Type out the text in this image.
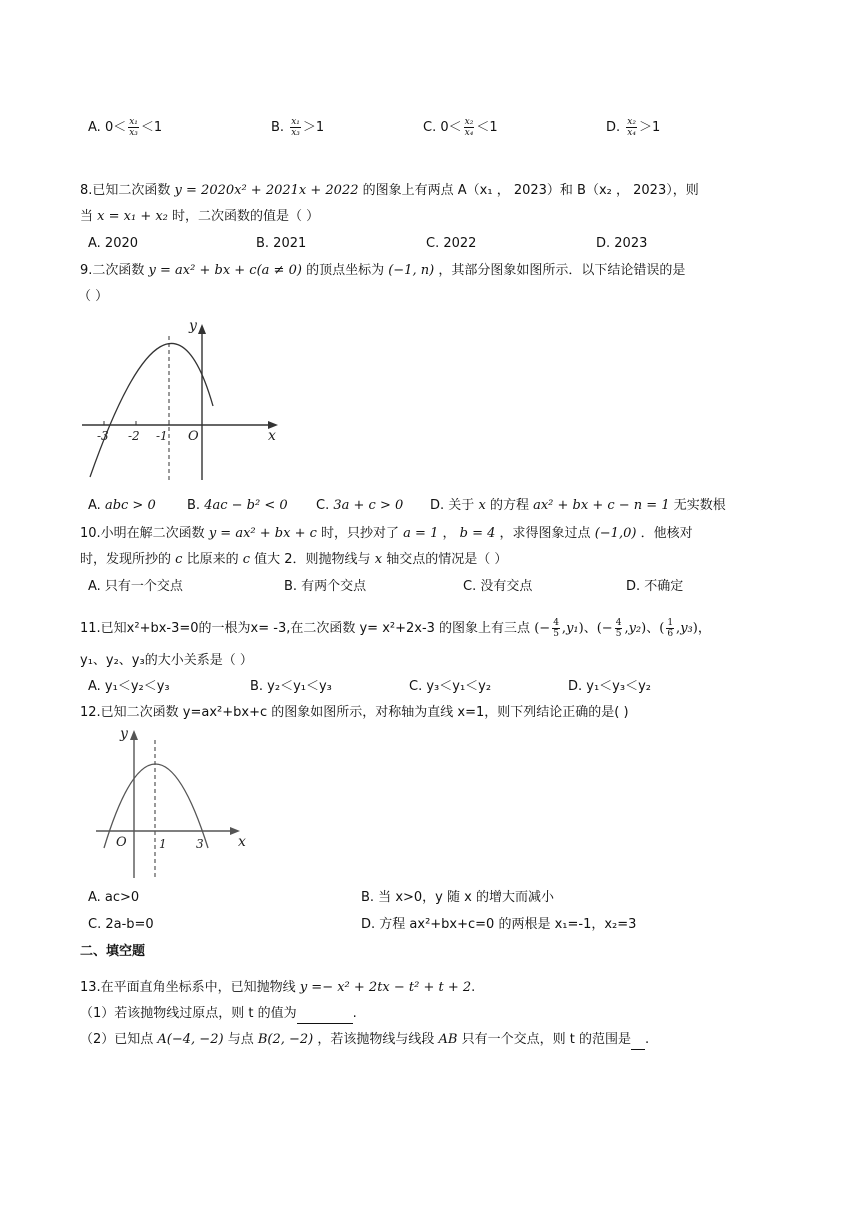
A. $0< \frac{\text{x₁}}{\text{x₃}} <1$	B. $\frac{\text{x₁}}{\text{x₃}} >1$	C. $0< \frac{\text{x₂}}{\text{x₄}} <1$	D. $\frac{\text{x₂}}{\text{x₄}} >1$
8.已知二次函数 y = 2020x² + 2021x + 2022 的图象上有两点 A（x₁ ， 2023）和 B（x₂ ， 2023），则
当 x = x₁ + x₂ 时，二次函数的值是（ ）
A. 2020	B. 2021	C. 2022	D. 2023
9.二次函数 y = ax² + bx + c(a ≠ 0) 的顶点坐标为 (−1, n) ，其部分图象如图所示．以下结论错误的是
（ ）
-3 -2 -1 O	x
y
A. abc > 0 B. 4ac − b² < 0 C. 3a + c > 0 D. 关于 x 的方程 ax² + bx + c − n = 1 无实数根
10.小明在解二次函数 y = ax² + bx + c 时，只抄对了 a = 1 ， b = 4 ，求得图象过点 (−1,0) ．他核对
时，发现所抄的 c 比原来的 c 值大 2．则抛物线与 x 轴交点的情况是（ ）
A. 只有一个交点	B. 有两个交点	C. 没有交点	D. 不确定
11.已知x²+bx-3=0的一根为x= -3,在二次函数 y= x²+2x-3 的图象上有三点 (− $\frac{4}{5} ,y_1$)、(− $\frac{4}{5} ,y_2$)、( $\frac{1}{6} ,y_3$)，
y₁、y₂、y₃的大小关系是（ ）
A. y₁＜y₂＜y₃	B. y₂＜y₁＜y₃	C. y₃＜y₁＜y₂	D. y₁＜y₃＜y₂
12.已知二次函数 y=ax²+bx+c 的图象如图所示，对称轴为直线 x=1，则下列结论正确的是( )
O	1 3 x
y
A. ac>0	B. 当 x>0，y 随 x 的增大而减小
C. 2a-b=0	D. 方程 ax²+bx+c=0 的两根是 x₁=-1，x₂=3
二、填空题
13.在平面直角坐标系中，已知抛物线 y =− x² + 2tx − t² + t + 2.
（1）若该抛物线过原点，则 t 的值为	.
（2）已知点 A(−4, −2) 与点 B(2, −2) ，若该抛物线与线段 AB 只有一个交点，则 t 的范围是 .
